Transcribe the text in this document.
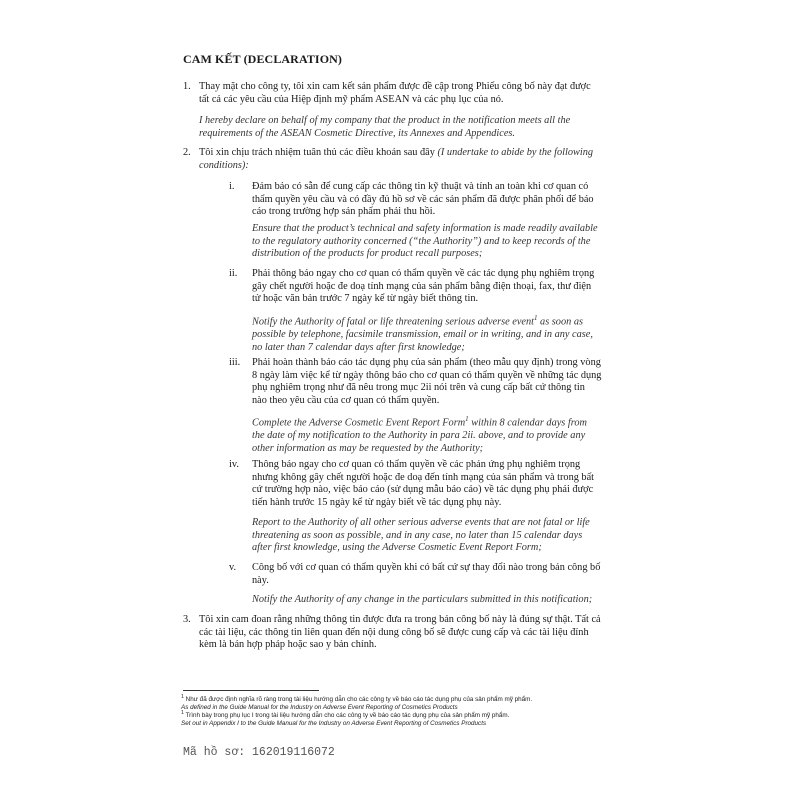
CAM KẾT (DECLARATION)
1. Thay mặt cho công ty, tôi xin cam kết sản phẩm được đề cập trong Phiếu công bố này đạt được tất cả các yêu cầu của Hiệp định mỹ phẩm ASEAN và các phụ lục của nó.
I hereby declare on behalf of my company that the product in the notification meets all the requirements of the ASEAN Cosmetic Directive, its Annexes and Appendices.
2. Tôi xin chịu trách nhiệm tuân thủ các điều khoản sau đây (I undertake to abide by the following conditions):
i. Đảm bảo có sẵn để cung cấp các thông tin kỹ thuật và tính an toàn khi cơ quan có thẩm quyền yêu cầu và có đầy đủ hồ sơ về các sản phẩm đã được phân phối để báo cáo trong trường hợp sản phẩm phải thu hồi.
Ensure that the product’s technical and safety information is made readily available to the regulatory authority concerned (“the Authority”) and to keep records of the distribution of the products for product recall purposes;
ii. Phải thông báo ngay cho cơ quan có thẩm quyền về các tác dụng phụ nghiêm trọng gây chết người hoặc đe doạ tính mạng của sản phẩm bằng điện thoại, fax, thư điện tử hoặc văn bản trước 7 ngày kể từ ngày biết thông tin.
Notify the Authority of fatal or life threatening serious adverse event$^1$ as soon as possible by telephone, facsimile transmission, email or in writing, and in any case, no later than 7 calendar days after first knowledge;
iii. Phải hoàn thành báo cáo tác dụng phụ của sản phẩm (theo mẫu quy định) trong vòng 8 ngày làm việc kể từ ngày thông báo cho cơ quan có thẩm quyền về những tác dụng phụ nghiêm trọng như đã nêu trong mục 2ii nói trên và cung cấp bất cứ thông tin nào theo yêu cầu của cơ quan có thẩm quyền.
Complete the Adverse Cosmetic Event Report Form$^1$ within 8 calendar days from the date of my notification to the Authority in para 2ii. above, and to provide any other information as may be requested by the Authority;
iv. Thông báo ngay cho cơ quan có thẩm quyền về các phản ứng phụ nghiêm trọng nhưng không gây chết người hoặc đe doạ đến tính mạng của sản phẩm và trong bất cứ trường hợp nào, việc báo cáo (sử dụng mẫu báo cáo) về tác dụng phụ phải được tiến hành trước 15 ngày kể từ ngày biết về tác dụng phụ này.
Report to the Authority of all other serious adverse events that are not fatal or life threatening as soon as possible, and in any case, no later than 15 calendar days after first knowledge, using the Adverse Cosmetic Event Report Form;
v. Công bố với cơ quan có thẩm quyền khi có bất cứ sự thay đổi nào trong bản công bố này.
Notify the Authority of any change in the particulars submitted in this notification;
3. Tôi xin cam đoan rằng những thông tin được đưa ra trong bản công bố này là đúng sự thật. Tất cả các tài liệu, các thông tin liên quan đến nội dung công bố sẽ được cung cấp và các tài liệu đính kèm là bản hợp pháp hoặc sao y bản chính.
$^1$ Như đã được định nghĩa rõ ràng trong tài liệu hướng dẫn cho các công ty về báo cáo tác dụng phụ của sản phẩm mỹ phẩm.
As defined in the Guide Manual for the Industry on Adverse Event Reporting of Cosmetics Products
$^1$ Trình bày trong phụ lục I trong tài liệu hướng dẫn cho các công ty về báo cáo tác dụng phụ của sản phẩm mỹ phẩm.
Set out in Appendix I to the Guide Manual for the Industry on Adverse Event Reporting of Cosmetics Products
Mã hồ sơ: 162019116072
